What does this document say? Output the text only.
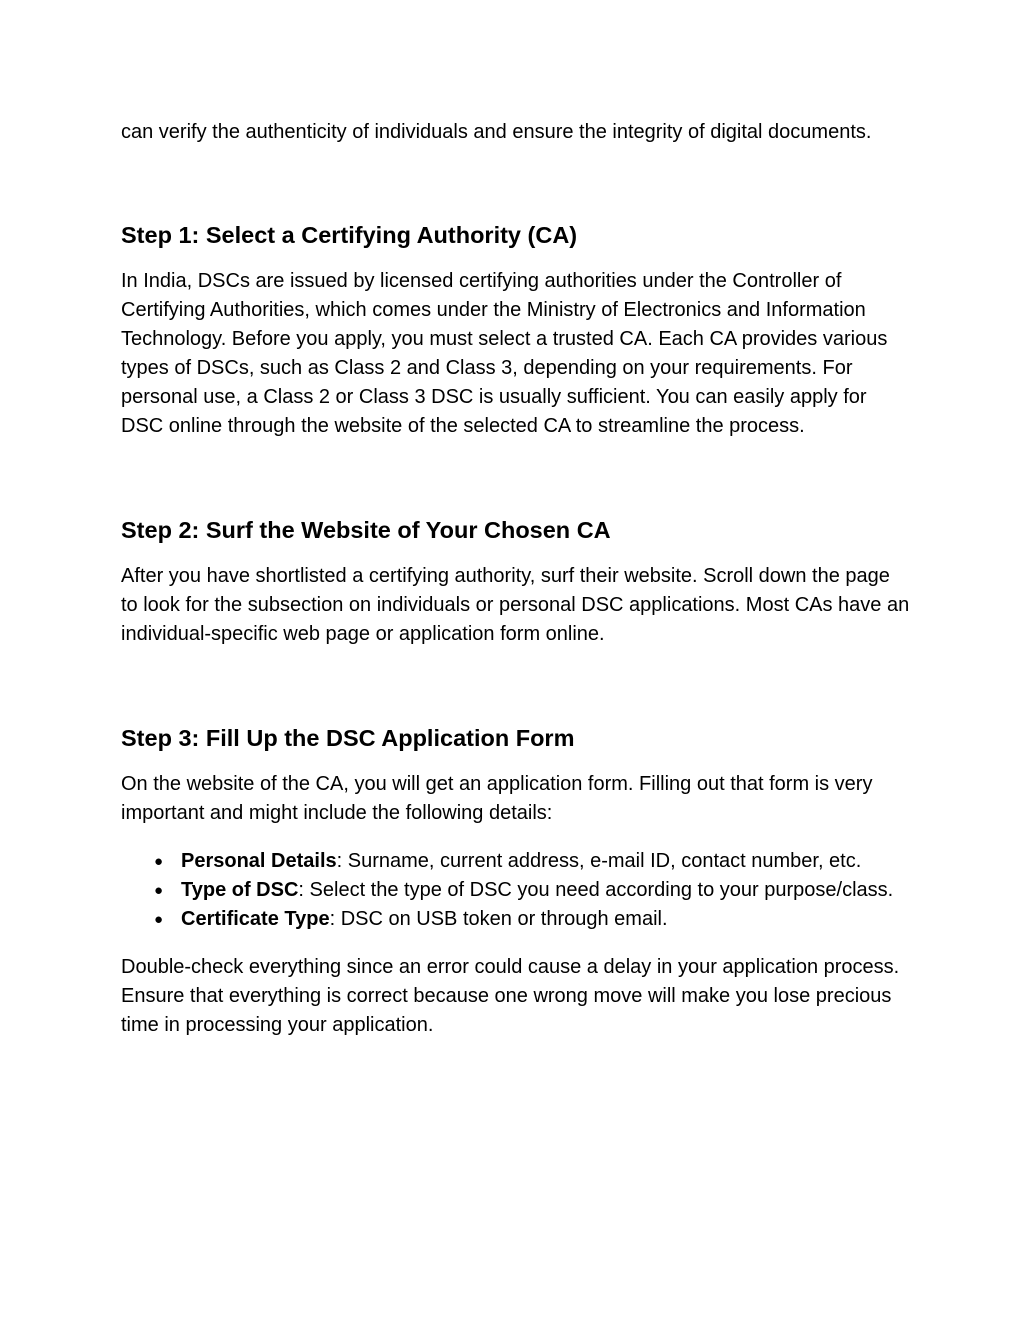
can verify the authenticity of individuals and ensure the integrity of digital documents.

Step 1: Select a Certifying Authority (CA)

In India, DSCs are issued by licensed certifying authorities under the Controller of Certifying Authorities, which comes under the Ministry of Electronics and Information Technology. Before you apply, you must select a trusted CA. Each CA provides various types of DSCs, such as Class 2 and Class 3, depending on your requirements. For personal use, a Class 2 or Class 3 DSC is usually sufficient. You can easily apply for DSC online through the website of the selected CA to streamline the process.

Step 2: Surf the Website of Your Chosen CA

After you have shortlisted a certifying authority, surf their website. Scroll down the page to look for the subsection on individuals or personal DSC applications. Most CAs have an individual-specific web page or application form online.

Step 3: Fill Up the DSC Application Form

On the website of the CA, you will get an application form. Filling out that form is very important and might include the following details:

● Personal Details: Surname, current address, e-mail ID, contact number, etc.
● Type of DSC: Select the type of DSC you need according to your purpose/class.
● Certificate Type: DSC on USB token or through email.

Double-check everything since an error could cause a delay in your application process. Ensure that everything is correct because one wrong move will make you lose precious time in processing your application.
